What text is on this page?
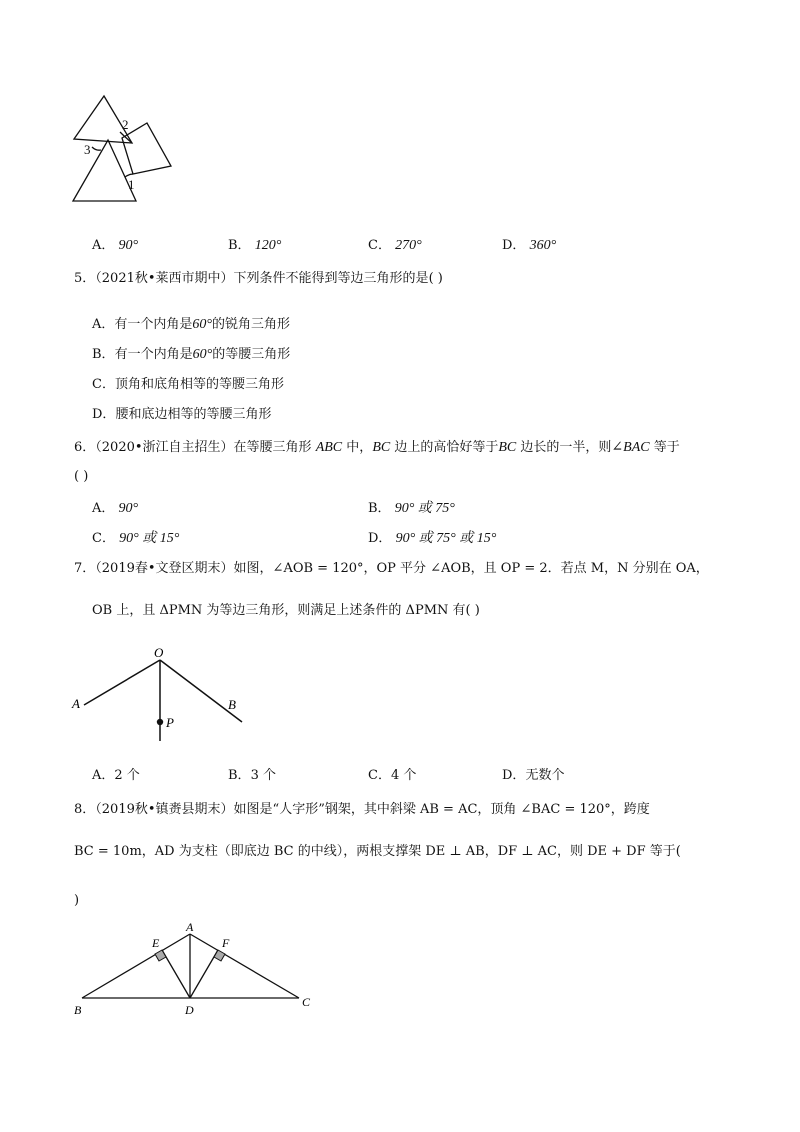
2
3
1
A． 90°	B． 120°	C． 270°	D． 360°
5．（2021秋•莱西市期中）下列条件不能得到等边三角形的是( )
A．有一个内角是60°的锐角三角形
B．有一个内角是60°的等腰三角形
C．顶角和底角相等的等腰三角形
D．腰和底边相等的等腰三角形
6．（2020•浙江自主招生）在等腰三角形 ABC 中，BC 边上的高恰好等于BC 边长的一半，则∠BAC 等于
( )
A． 90°	B． 90° 或 75°
C． 90° 或 15°	D． 90° 或 75° 或 15°
7．（2019春•文登区期末）如图，∠AOB = 120°，OP 平分 ∠AOB，且 OP = 2．若点 M，N 分别在 OA，
OB 上，且 ΔPMN 为等边三角形，则满足上述条件的 ΔPMN 有( )
O
A	B
P
A．2 个	B．3 个	C．4 个	D．无数个
8．（2019秋•镇赉县期末）如图是“人字形”钢架，其中斜梁 AB = AC，顶角 ∠BAC = 120°，跨度
BC = 10m，AD 为支柱（即底边 BC 的中线），两根支撑架 DE ⊥ AB，DF ⊥ AC，则 DE + DF 等于(
)
A
B
C
D
E	F
